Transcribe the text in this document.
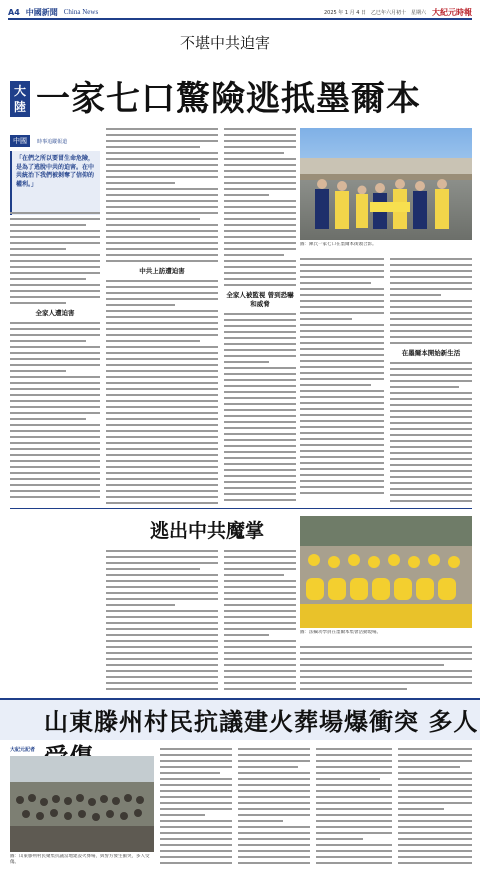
A4 中國新聞 China News	2025 年 1 月 4 日　乙巳年六月初十　星期六 大紀元時報
不堪中共迫害
大陸 一家七口驚險逃抵墨爾本
中國 時事追蹤報道
「在們之所以要冒生命危險，是為了逃脫中共的迫害。在中共統治下我們被剝奪了信仰的權利。」
全家人遭迫害
中共上訪遭迫害
全家人被監視 曾到恐嚇和威脅
圖：陳氏一家七口在墨爾本街頭合影。
在墨爾本開始新生活
逃出中共魔掌
圖：法輪功學員在墨爾本集會活動現場。
山東滕州村民抗議建火葬場爆衝突 多人
大紀元記者
圖：山東滕州村民聚集抗議當地建設火葬場，與警方發生衝突，多人受傷。
